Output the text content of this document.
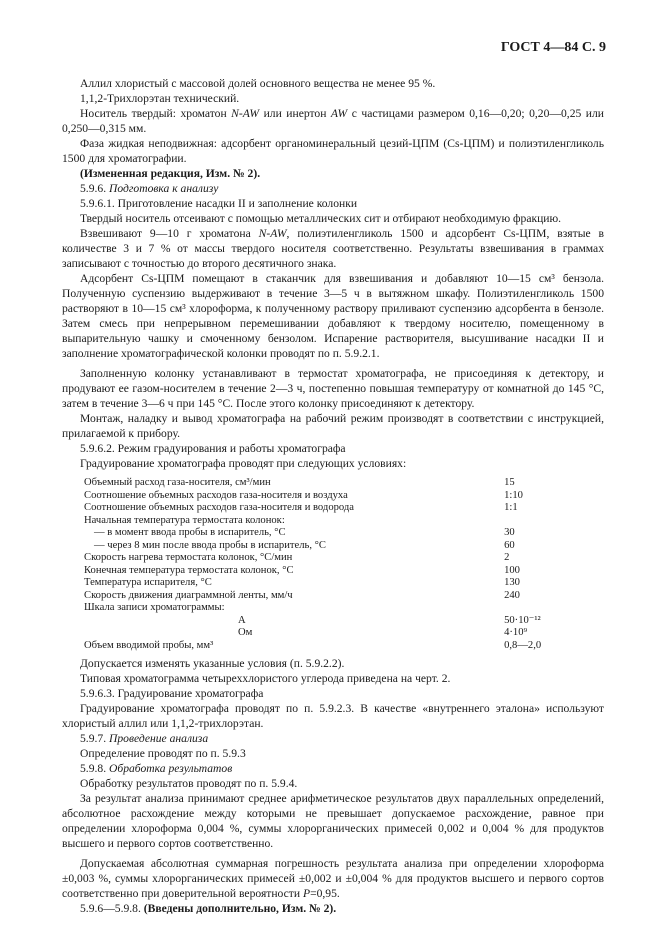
ГОСТ 4—84 С. 9

Аллил хлористый с массовой долей основного вещества не менее 95 %.

1,1,2-Трихлорэтан технический.

Носитель твердый: хроматон N-AW или инертон AW с частицами размером 0,16—0,20; 0,20—0,25 или 0,250—0,315 мм.

Фаза жидкая неподвижная: адсорбент органоминеральный цезий-ЦПМ (Cs-ЦПМ) и полиэтиленгликоль 1500 для хроматографии.

(Измененная редакция, Изм. № 2).

5.9.6. Подготовка к анализу

5.9.6.1. Приготовление насадки II и заполнение колонки

Твердый носитель отсеивают с помощью металлических сит и отбирают необходимую фракцию.

Взвешивают 9—10 г хроматона N-AW, полиэтиленгликоль 1500 и адсорбент Cs-ЦПМ, взятые в количестве 3 и 7 % от массы твердого носителя соответственно. Результаты взвешивания в граммах записывают с точностью до второго десятичного знака.

Адсорбент Cs-ЦПМ помещают в стаканчик для взвешивания и добавляют 10—15 см³ бензола. Полученную суспензию выдерживают в течение 3—5 ч в вытяжном шкафу. Полиэтиленгликоль 1500 растворяют в 10—15 см³ хлороформа, к полученному раствору приливают суспензию адсорбента в бензоле. Затем смесь при непрерывном перемешивании добавляют к твердому носителю, помещенному в выпарительную чашку и смоченному бензолом. Испарение растворителя, высушивание насадки II и заполнение хроматографической колонки проводят по п. 5.9.2.1.

Заполненную колонку устанавливают в термостат хроматографа, не присоединяя к детектору, и продувают ее газом-носителем в течение 2—3 ч, постепенно повышая температуру от комнатной до 145 °С, затем в течение 3—6 ч при 145 °С. После этого колонку присоединяют к детектору.

Монтаж, наладку и вывод хроматографа на рабочий режим производят в соответствии с инструкцией, прилагаемой к прибору.

5.9.6.2. Режим градуирования и работы хроматографа

Градуирование хроматографа проводят при следующих условиях:

Объемный расход газа-носителя, см³/мин	15
Соотношение объемных расходов газа-носителя и воздуха	1:10
Соотношение объемных расходов газа-носителя и водорода	1:1
Начальная температура термостата колонок:	
— в момент ввода пробы в испаритель, °С	30
— через 8 мин после ввода пробы в испаритель, °С	60
Скорость нагрева термостата колонок, °С/мин	2
Конечная температура термостата колонок, °С	100
Температура испарителя, °С	130
Скорость движения диаграммной ленты, мм/ч	240
Шкала записи хроматограммы:	
А	50·10⁻¹²
Ом	4·10⁹
Объем вводимой пробы, мм³	0,8—2,0

Допускается изменять указанные условия (п. 5.9.2.2).

Типовая хроматограмма четыреххлористого углерода приведена на черт. 2.

5.9.6.3. Градуирование хроматографа

Градуирование хроматографа проводят по п. 5.9.2.3. В качестве «внутреннего эталона» используют хлористый аллил или 1,1,2-трихлорэтан.

5.9.7. Проведение анализа

Определение проводят по п. 5.9.3

5.9.8. Обработка результатов

Обработку результатов проводят по п. 5.9.4.

За результат анализа принимают среднее арифметическое результатов двух параллельных определений, абсолютное расхождение между которыми не превышает допускаемое расхождение, равное при определении хлороформа 0,004 %, суммы хлорорганических примесей 0,002 и 0,004 % для продуктов высшего и первого сортов соответственно.

Допускаемая абсолютная суммарная погрешность результата анализа при определении хлороформа ±0,003 %, суммы хлорорганических примесей ±0,002 и ±0,004 % для продуктов высшего и первого сортов соответственно при доверительной вероятности Р=0,95.

5.9.6—5.9.8. (Введены дополнительно, Изм. № 2).
